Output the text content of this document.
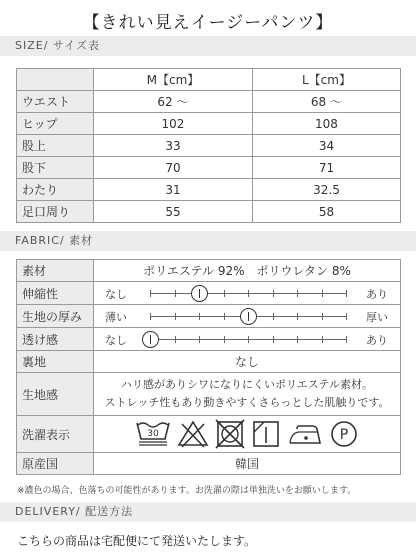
【きれい見えイージーパンツ】
SIZE/ サイズ表
	M【cm】	L【cm】
ウエスト	62 〜	68 〜
ヒップ	102	108
股上	33	34
股下	70	71
わたり	31	32.5
足口周り	55	58
FABRIC/ 素材
素材	ポリエステル 92%　ポリウレタン 8%
伸縮性	なし あり

生地の厚み	薄い 厚い

透け感	なし あり

裏地	なし
生地感	ハリ感がありシワになりにくいポリエステル素材。
ストレッチ性もあり動きやすくさらっとした肌触りです。

洗濯表示	30 P

原産国	韓国
※濃色の場合、色落ちの可能性があります。お洗濯の際は単独洗いをお願いします。
DELIVERY/ 配送方法
こちらの商品は宅配便にて発送いたします。
